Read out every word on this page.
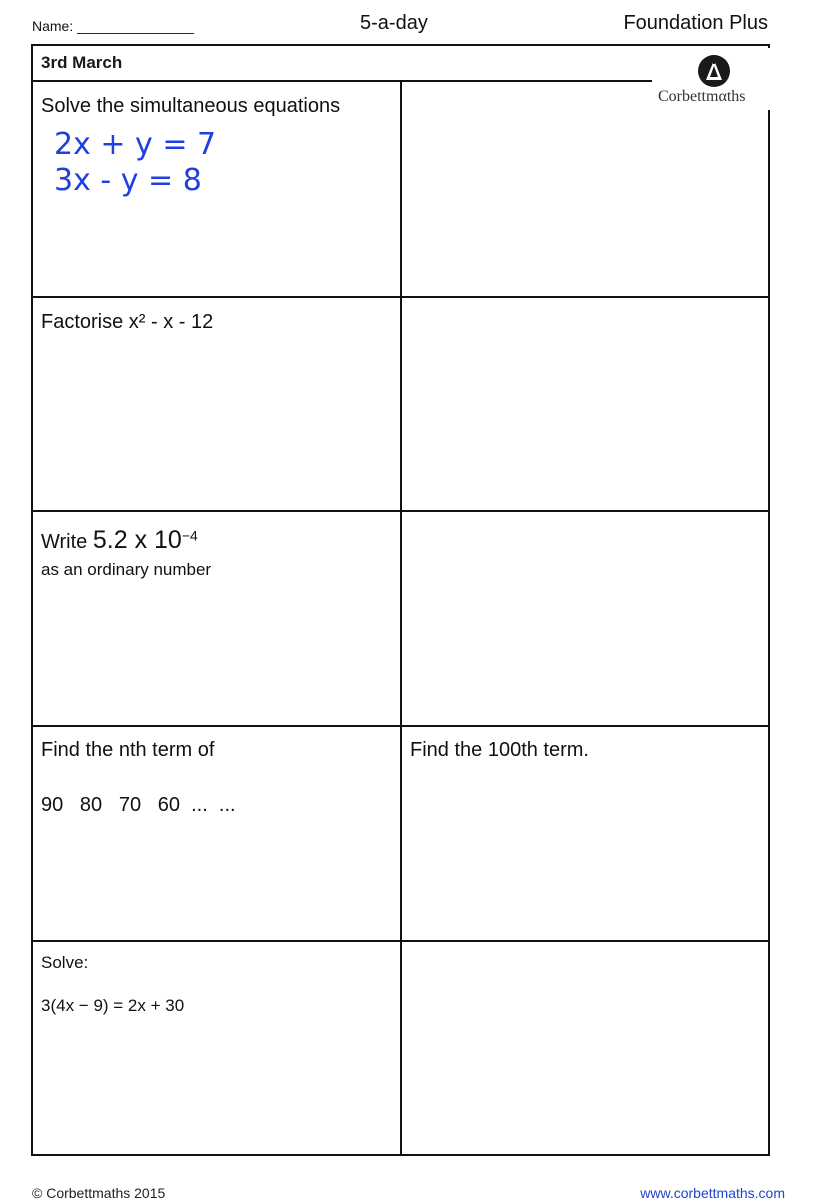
Name: _______________	5-a-day	Foundation Plus
3rd March
Corbettmαths
Solve the simultaneous equations
2x + y = 7
3x - y = 8
Factorise x² - x - 12
Write 5.2 x $10^{-4}$
as an ordinary number
Find the nth term of
90   80   70   60  ...  ...
Find the 100th term.
Solve:
3(4x − 9) = 2x + 30
© Corbettmaths 2015	www.corbettmaths.com
